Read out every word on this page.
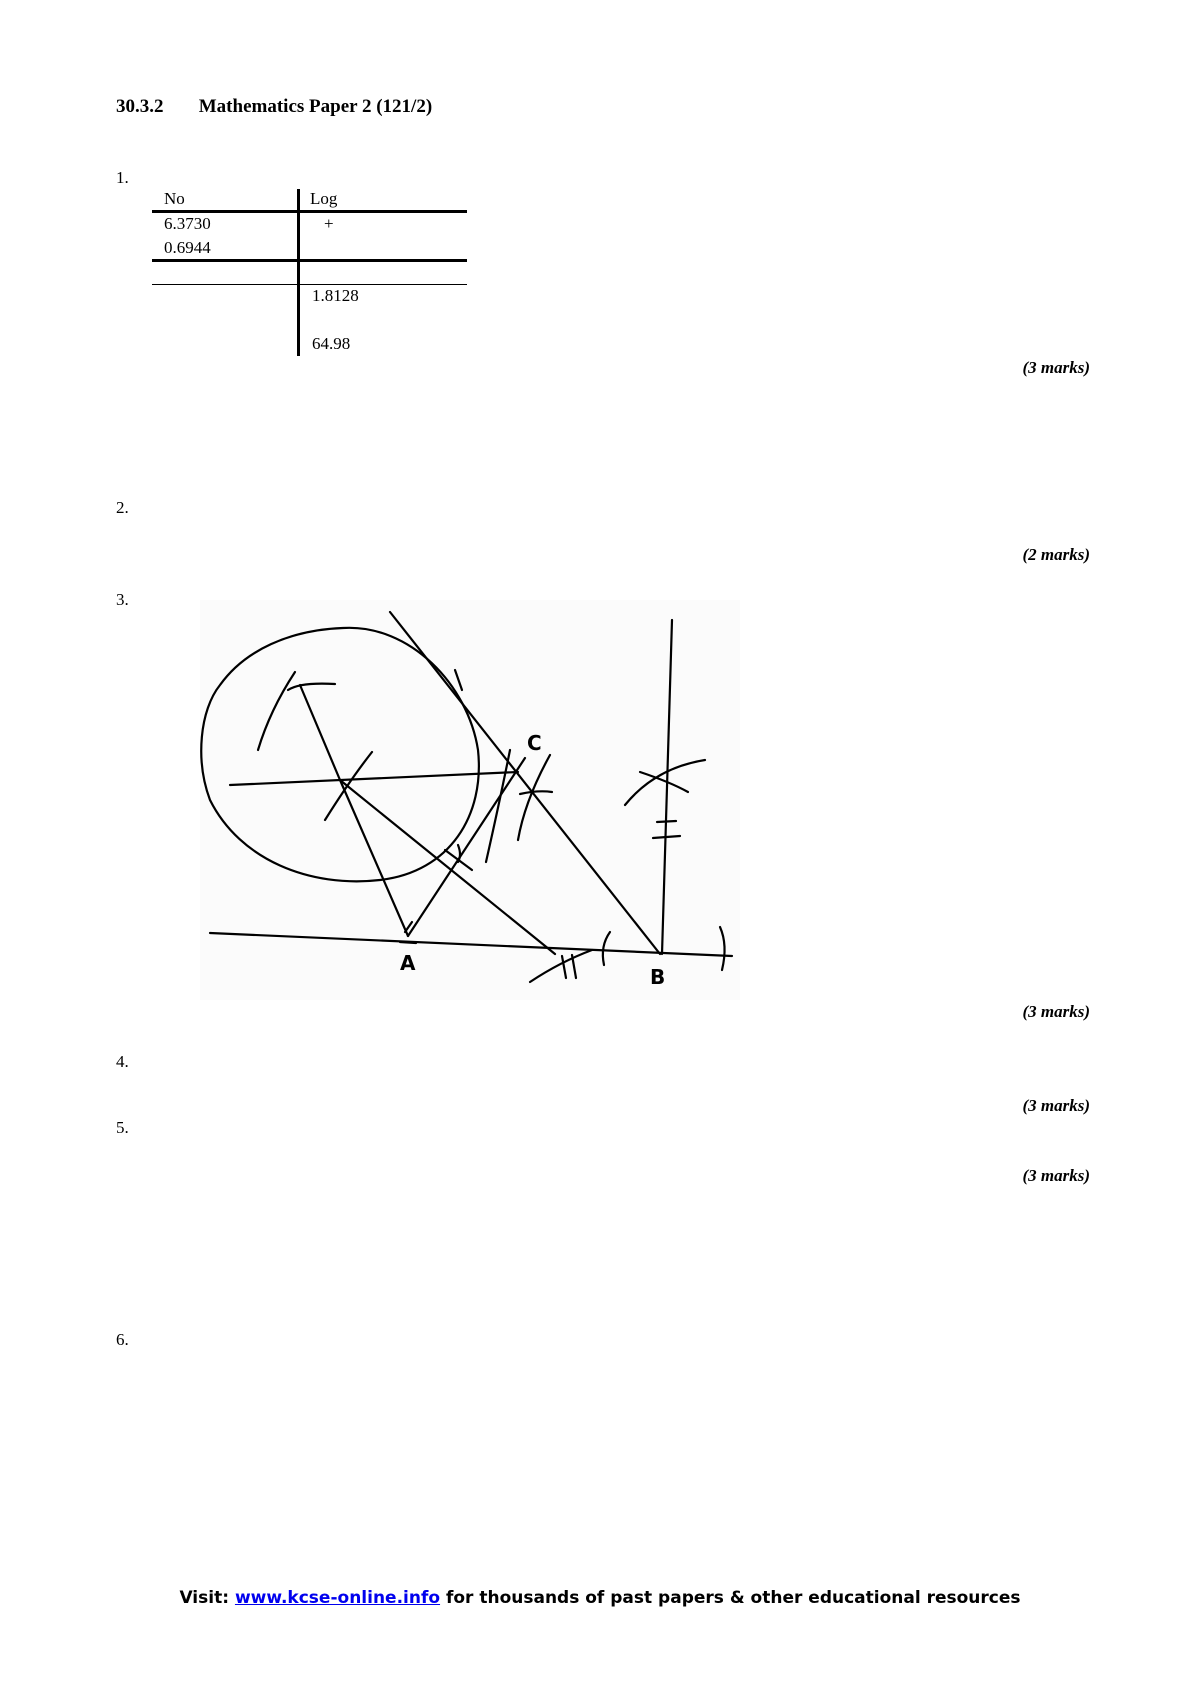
30.3.2 Mathematics Paper 2 (121/2)
1.
No	Log
6.3730	+
0.6944
1.8128
64.98
(3 marks)
2.
(2 marks)
3.
C
A
B
(3 marks)
4.
(3 marks)
5.
(3 marks)
6.
Visit: www.kcse-online.info for thousands of past papers & other educational resources
